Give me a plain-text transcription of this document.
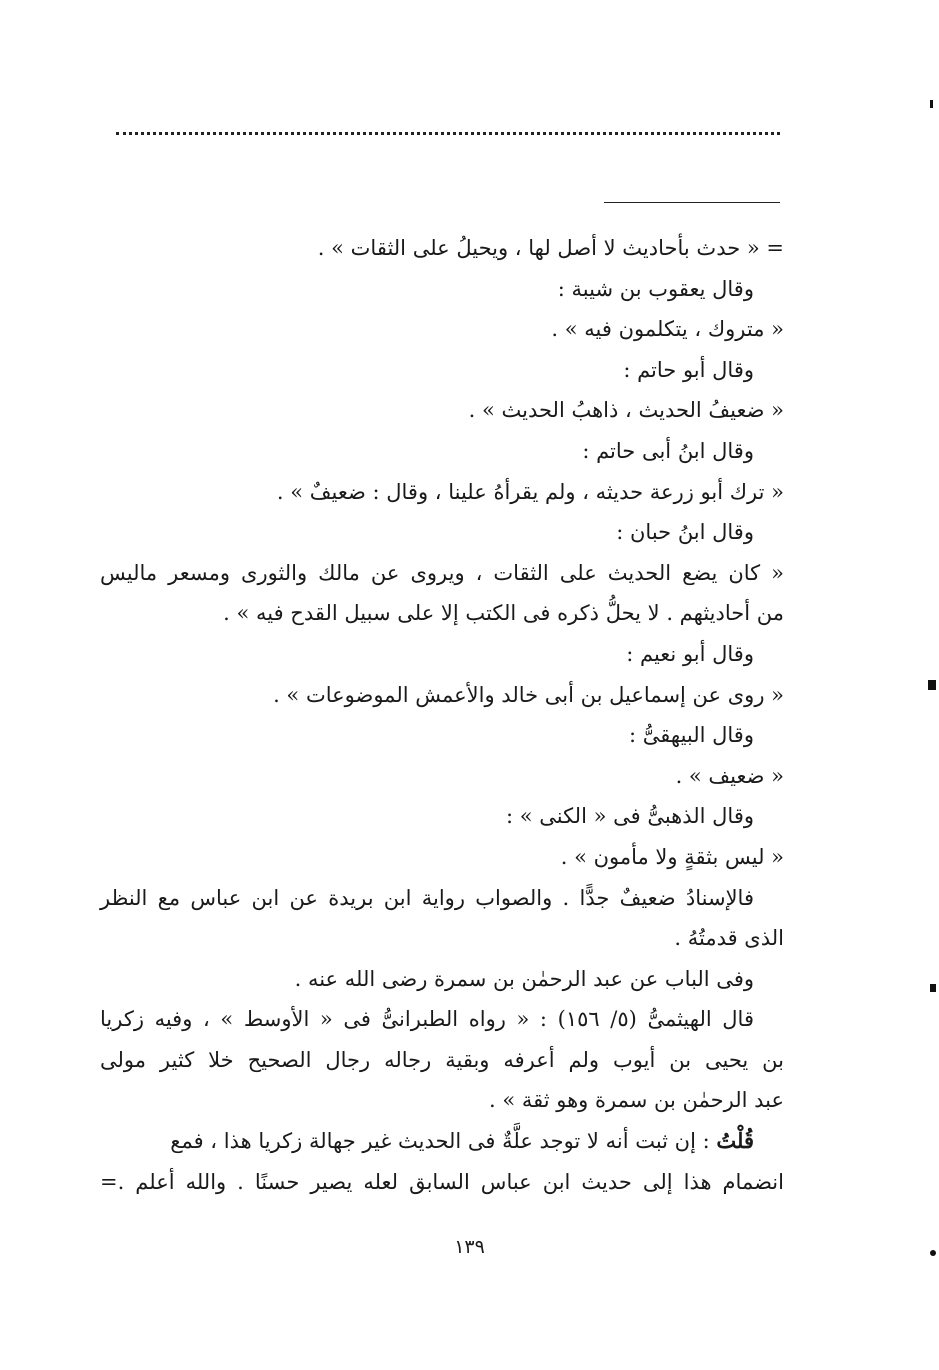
= « حدث بأحاديث لا أصل لها ، ويحيلُ على الثقات » .
وقال يعقوب بن شيبة :
« متروك ، يتكلمون فيه » .
وقال أبو حاتم :
« ضعيفُ الحديث ، ذاهبُ الحديث » .
وقال ابنُ أبى حاتم :
« ترك أبو زرعة حديثه ، ولم يقرأهُ علينا ، وقال : ضعيفٌ » .
وقال ابنُ حبان :
« كان يضع الحديث على الثقات ، ويروى عن مالك والثورى ومسعر ماليس
من أحاديثهم . لا يحلُّ ذكره فى الكتب إلا على سبيل القدح فيه » .
وقال أبو نعيم :
« روى عن إسماعيل بن أبى خالد والأعمش الموضوعات » .
وقال البيهقىُّ :
« ضعيف » .
وقال الذهبىُّ فى « الكنى » :
« ليس بثقةٍ ولا مأمون » .
فالإسنادُ ضعيفٌ جدًّا . والصواب رواية ابن بريدة عن ابن عباس مع النظر
الذى قدمتُهُ .
وفى الباب عن عبد الرحمٰن بن سمرة رضى الله عنه .
قال الهيثمىُّ (٥/ ١٥٦) : « رواه الطبرانىُّ فى « الأوسط » ، وفيه زكريا
بن يحيى بن أيوب ولم أعرفه وبقية رجاله رجال الصحيح خلا كثير مولى
عبد الرحمٰن بن سمرة وهو ثقة » .
قُلْتُ : إن ثبت أنه لا توجد علَّةٌ فى الحديث غير جهالة زكريا هذا ، فمع
انضمام هذا إلى حديث ابن عباس السابق لعله يصير حسنًا . والله أعلم .=
١٣٩
